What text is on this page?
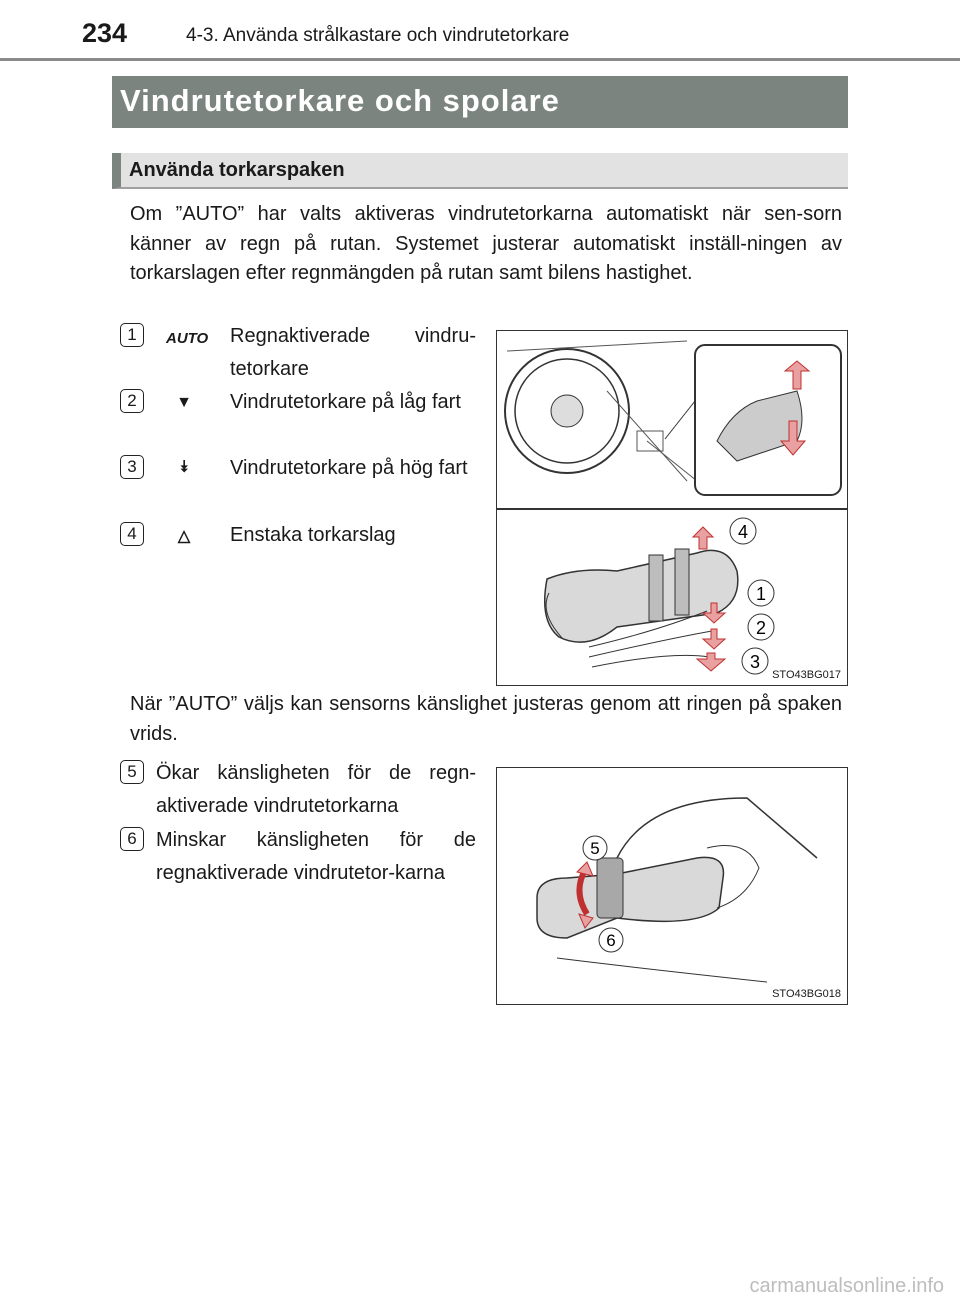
234	4-3. Använda strålkastare och vindrutetorkare
Vindrutetorkare och spolare
Använda torkarspaken
Om ”AUTO” har valts aktiveras vindrutetorkarna automatiskt när sen-sorn känner av regn på rutan. Systemet justerar automatiskt inställ-ningen av torkarslagen efter regnmängden på rutan samt bilens hastighet.
1	AUTO Regnaktiverade vindru-tetorkare
2	▼	Vindrutetorkare på låg fart
3	⯯	Vindrutetorkare på hög fart
4	△	Enstaka torkarslag	4
1
2
3
STO43BG017
När ”AUTO” väljs kan sensorns känslighet justeras genom att ringen på spaken vrids.
5 Ökar känsligheten för de regn-aktiverade vindrutetorkarna
6 Minskar känsligheten för de regnaktiverade vindrutetor-karna
5
6
STO43BG018
carmanualsonline.info
